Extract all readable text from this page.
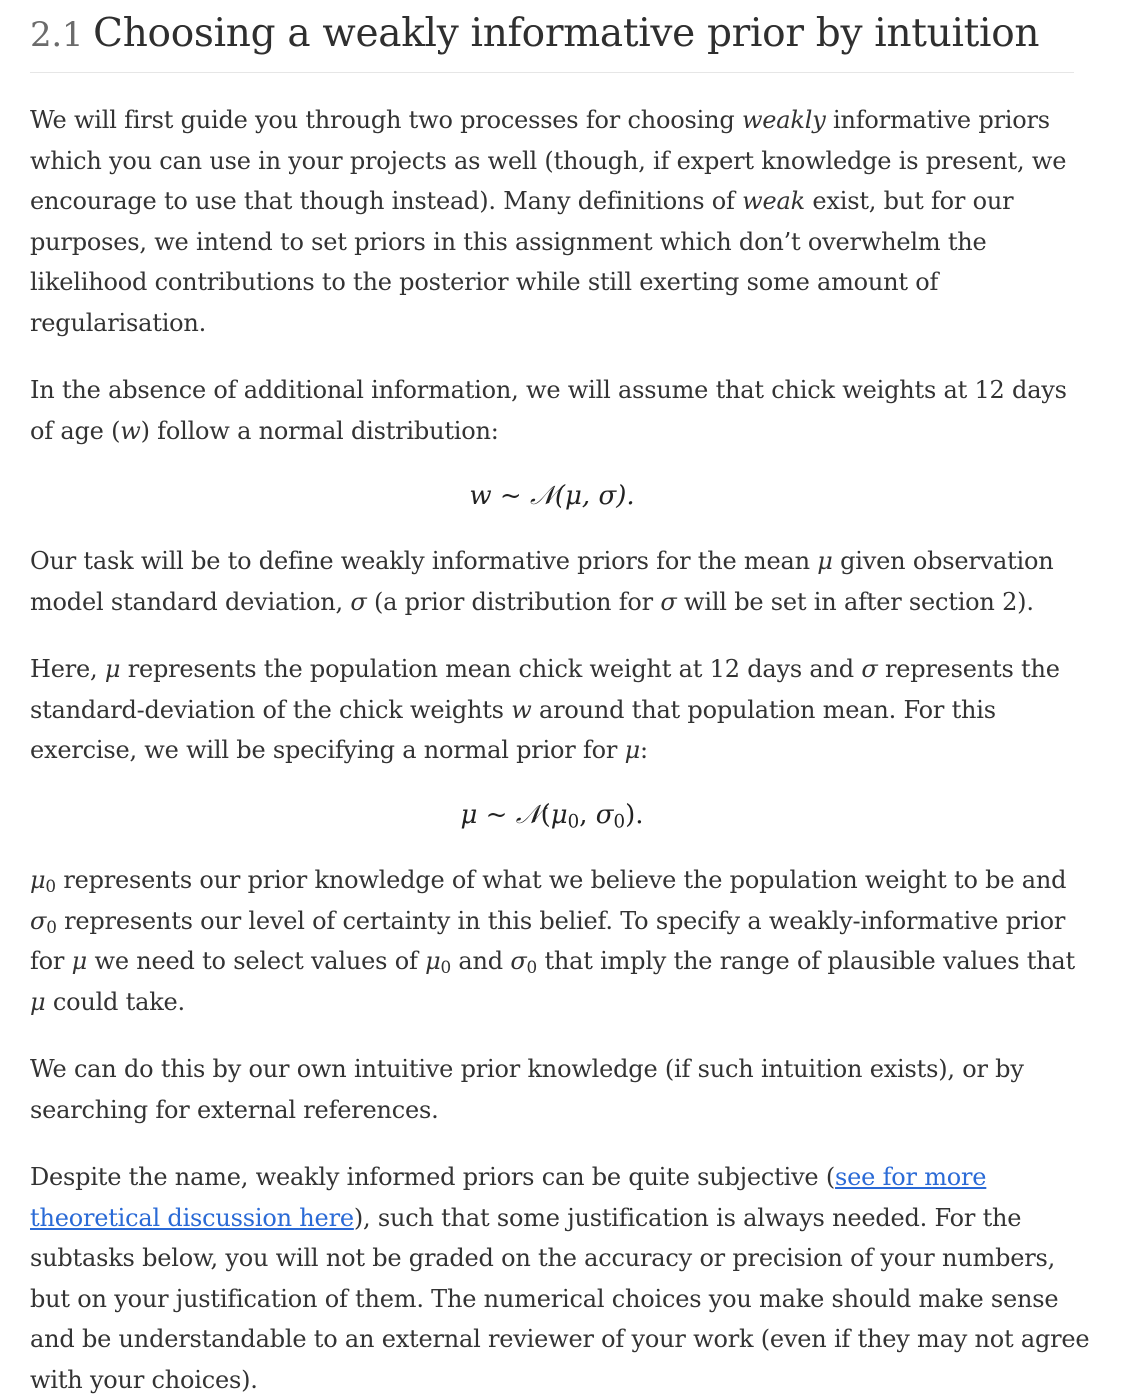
2.1 Choosing a weakly informative prior by intuition

We will first guide you through two processes for choosing weakly informative priors
which you can use in your projects as well (though, if expert knowledge is present, we
encourage to use that though instead). Many definitions of weak exist, but for our
purposes, we intend to set priors in this assignment which don’t overwhelm the
likelihood contributions to the posterior while still exerting some amount of
regularisation.

In the absence of additional information, we will assume that chick weights at 12 days
of age (w) follow a normal distribution:

w ~ 𝒩(μ, σ).

Our task will be to define weakly informative priors for the mean μ given observation
model standard deviation, σ (a prior distribution for σ will be set in after section 2).

Here, μ represents the population mean chick weight at 12 days and σ represents the
standard-deviation of the chick weights w around that population mean. For this
exercise, we will be specifying a normal prior for μ:

μ ~ $𝒩(\mu_0$, $\sigma_0$).

$\mu_0$ represents our prior knowledge of what we believe the population weight to be and
$\sigma_0$ represents our level of certainty in this belief. To specify a weakly-informative prior
for μ we need to select values of $\mu_0$ and $\sigma_0$ that imply the range of plausible values that
μ could take.

We can do this by our own intuitive prior knowledge (if such intuition exists), or by
searching for external references.

Despite the name, weakly informed priors can be quite subjective (see for more
theoretical discussion here), such that some justification is always needed. For the
subtasks below, you will not be graded on the accuracy or precision of your numbers,
but on your justification of them. The numerical choices you make should make sense
and be understandable to an external reviewer of your work (even if they may not agree
with your choices).
